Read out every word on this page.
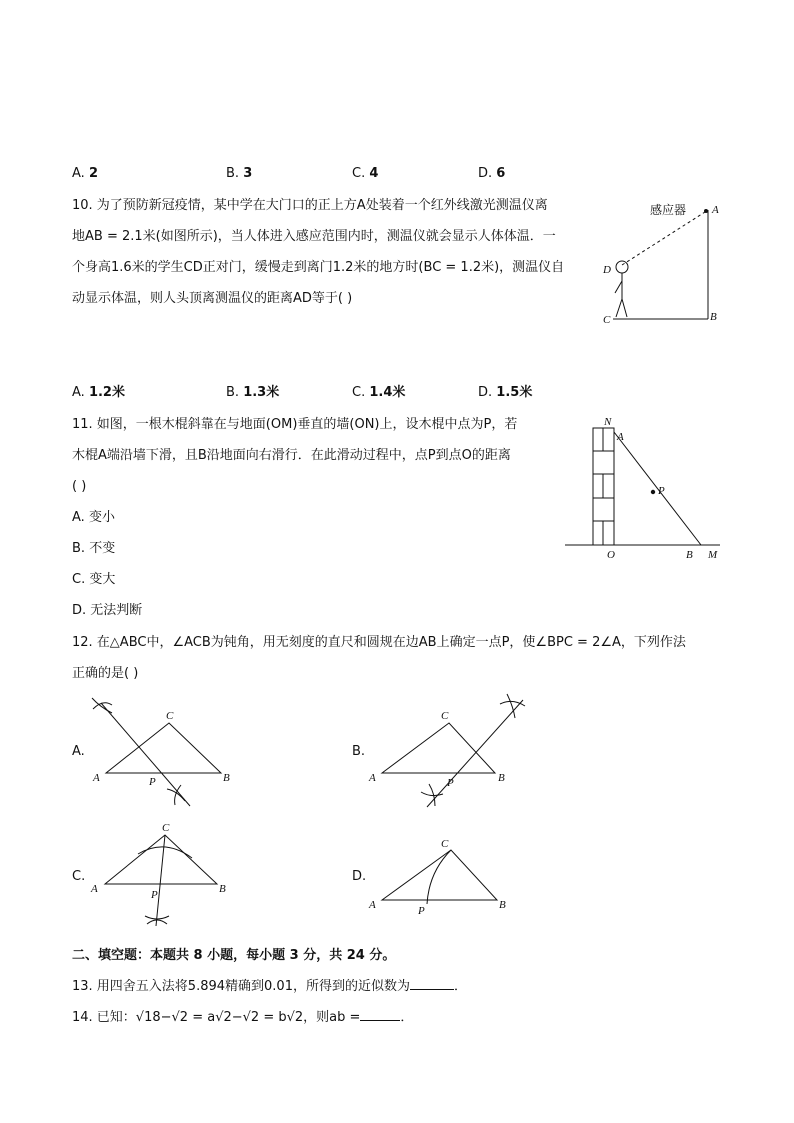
A. 2	B. 3	C. 4	D. 6
10. 为了预防新冠疫情，某中学在大门口的正上方A处装着一个红外线激光测温仪离
地AB = 2.1米(如图所示)，当人体进入感应范围内时，测温仪就会显示人体体温．一
个身高1.6米的学生CD正对门，缓慢走到离门1.2米的地方时(BC = 1.2米)，测温仪自
动显示体温，则人头顶离测温仪的距离AD等于( )
感应器 A
B
C
D
A. 1.2米	B. 1.3米	C. 1.4米	D. 1.5米
11. 如图，一根木棍斜靠在与地面(OM)垂直的墙(ON)上，设木棍中点为P，若
木棍A端沿墙下滑，且B沿地面向右滑行．在此滑动过程中，点P到点O的距离
( )
A. 变小
B. 不变
C. 变大
D. 无法判断
N
A
P
O	B M
12. 在△ABC中，∠ACB为钝角，用无刻度的直尺和圆规在边AB上确定一点P，使∠BPC = 2∠A，下列作法
正确的是( )
A.	B.
C.	D.
C
A	B
P
C
A	B
P
C
A	B
P
C
A	B
P
二、填空题：本题共 8 小题，每小题 3 分，共 24 分。
13. 用四舍五入法将5.894精确到0.01，所得到的近似数为	．
14. 已知：√18−√2 = a√2−√2 = b√2，则ab =	．
